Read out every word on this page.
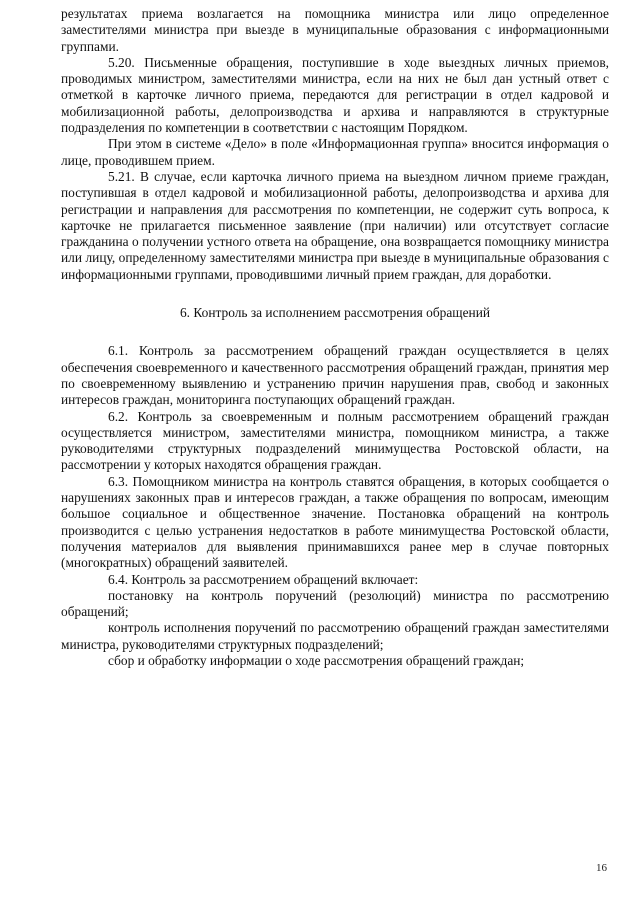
результатах приема возлагается на помощника министра или лицо определенное заместителями министра при выезде в муниципальные образования с информационными группами.

5.20. Письменные обращения, поступившие в ходе выездных личных приемов, проводимых министром, заместителями министра, если на них не был дан устный ответ с отметкой в карточке личного приема, передаются для регистрации в отдел кадровой и мобилизационной работы, делопроизводства и архива и направляются в структурные подразделения по компетенции в соответствии с настоящим Порядком.

При этом в системе «Дело» в поле «Информационная группа» вносится информация о лице, проводившем прием.

5.21. В случае, если карточка личного приема на выездном личном приеме граждан, поступившая в отдел кадровой и мобилизационной работы, делопроизводства и архива для регистрации и направления для рассмотрения по компетенции, не содержит суть вопроса, к карточке не прилагается письменное заявление (при наличии) или отсутствует согласие гражданина о получении устного ответа на обращение, она возвращается помощнику министра или лицу, определенному заместителями министра при выезде в муниципальные образования с информационными группами, проводившими личный прием граждан, для доработки.

6. Контроль за исполнением рассмотрения обращений

6.1. Контроль за рассмотрением обращений граждан осуществляется в целях обеспечения своевременного и качественного рассмотрения обращений граждан, принятия мер по своевременному выявлению и устранению причин нарушения прав, свобод и законных интересов граждан, мониторинга поступающих обращений граждан.

6.2. Контроль за своевременным и полным рассмотрением обращений граждан осуществляется министром, заместителями министра, помощником министра, а также руководителями структурных подразделений минимущества Ростовской области, на рассмотрении у которых находятся обращения граждан.

6.3. Помощником министра на контроль ставятся обращения, в которых сообщается о нарушениях законных прав и интересов граждан, а также обращения по вопросам, имеющим большое социальное и общественное значение. Постановка обращений на контроль производится с целью устранения недостатков в работе минимущества Ростовской области, получения материалов для выявления принимавшихся ранее мер в случае повторных (многократных) обращений заявителей.

6.4. Контроль за рассмотрением обращений включает:

постановку на контроль поручений (резолюций) министра по рассмотрению обращений;

контроль исполнения поручений по рассмотрению обращений граждан заместителями министра, руководителями структурных подразделений;

сбор и обработку информации о ходе рассмотрения обращений граждан;

16
